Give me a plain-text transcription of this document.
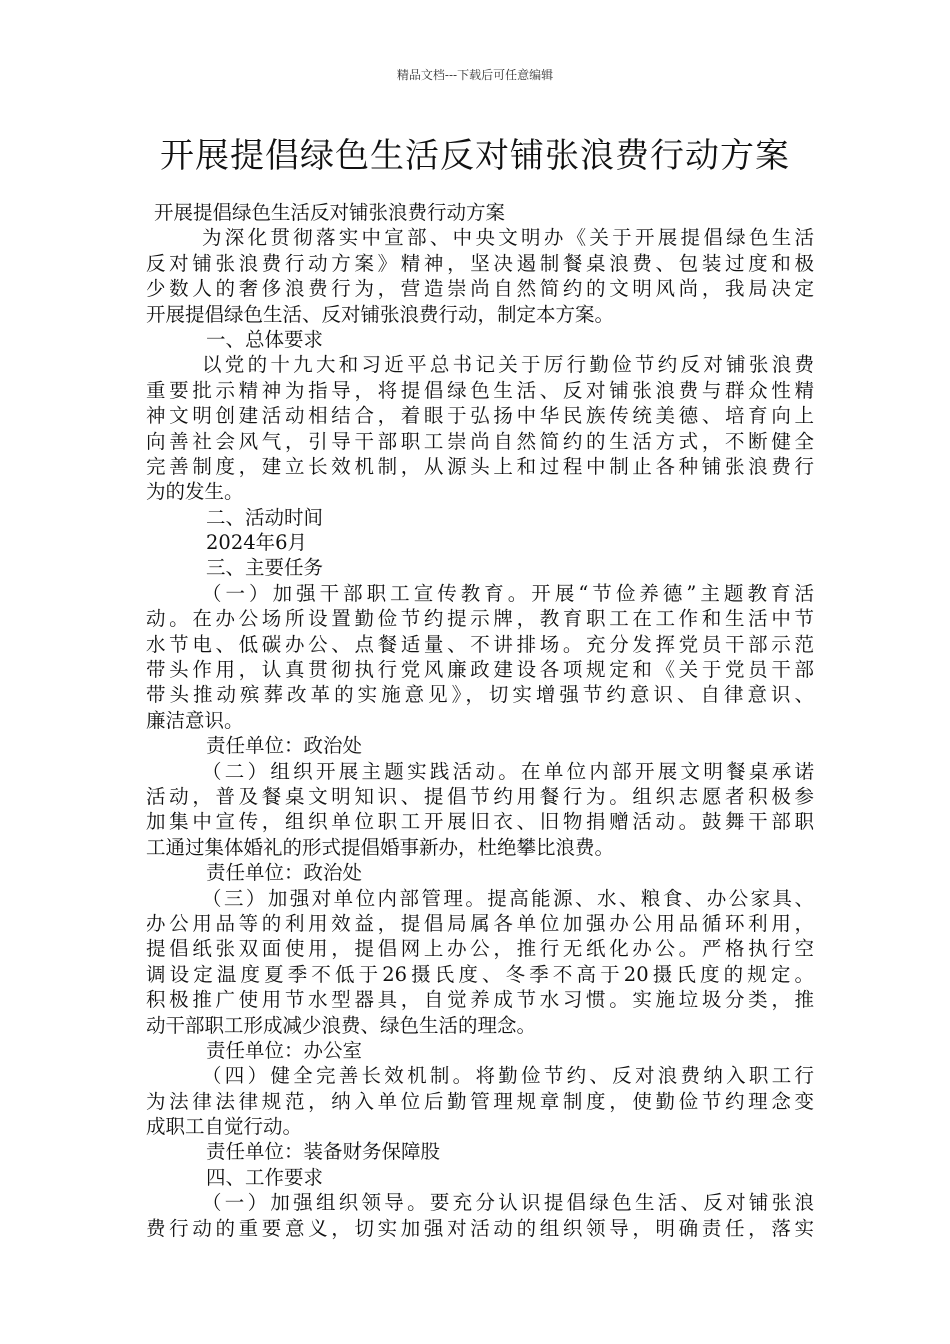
精品文档---下载后可任意编辑
开展提倡绿色生活反对铺张浪费行动方案
开展提倡绿色生活反对铺张浪费行动方案
为深化贯彻落实中宣部、中央文明办《关于开展提倡绿色生活
反对铺张浪费行动方案》精神，坚决遏制餐桌浪费、包装过度和极
少数人的奢侈浪费行为，营造崇尚自然简约的文明风尚，我局决定
开展提倡绿色生活、反对铺张浪费行动，制定本方案。
一、总体要求
以党的十九大和习近平总书记关于厉行勤俭节约反对铺张浪费
重要批示精神为指导，将提倡绿色生活、反对铺张浪费与群众性精
神文明创建活动相结合，着眼于弘扬中华民族传统美德、培育向上
向善社会风气，引导干部职工崇尚自然简约的生活方式，不断健全
完善制度，建立长效机制，从源头上和过程中制止各种铺张浪费行
为的发生。
二、活动时间
2024年6月
三、主要任务
（一）加强干部职工宣传教育。开展“节俭养德”主题教育活
动。在办公场所设置勤俭节约提示牌，教育职工在工作和生活中节
水节电、低碳办公、点餐适量、不讲排场。充分发挥党员干部示范
带头作用，认真贯彻执行党风廉政建设各项规定和《关于党员干部
带头推动殡葬改革的实施意见》，切实增强节约意识、自律意识、
廉洁意识。
责任单位：政治处
（二）组织开展主题实践活动。在单位内部开展文明餐桌承诺
活动，普及餐桌文明知识、提倡节约用餐行为。组织志愿者积极参
加集中宣传，组织单位职工开展旧衣、旧物捐赠活动。鼓舞干部职
工通过集体婚礼的形式提倡婚事新办，杜绝攀比浪费。
责任单位：政治处
（三）加强对单位内部管理。提高能源、水、粮食、办公家具、
办公用品等的利用效益，提倡局属各单位加强办公用品循环利用，
提倡纸张双面使用，提倡网上办公，推行无纸化办公。严格执行空
调设定温度夏季不低于26摄氏度、冬季不高于20摄氏度的规定。
积极推广使用节水型器具，自觉养成节水习惯。实施垃圾分类，推
动干部职工形成减少浪费、绿色生活的理念。
责任单位：办公室
（四）健全完善长效机制。将勤俭节约、反对浪费纳入职工行
为法律法律规范，纳入单位后勤管理规章制度，使勤俭节约理念变
成职工自觉行动。
责任单位：装备财务保障股
四、工作要求
（一）加强组织领导。要充分认识提倡绿色生活、反对铺张浪
费行动的重要意义，切实加强对活动的组织领导，明确责任，落实
